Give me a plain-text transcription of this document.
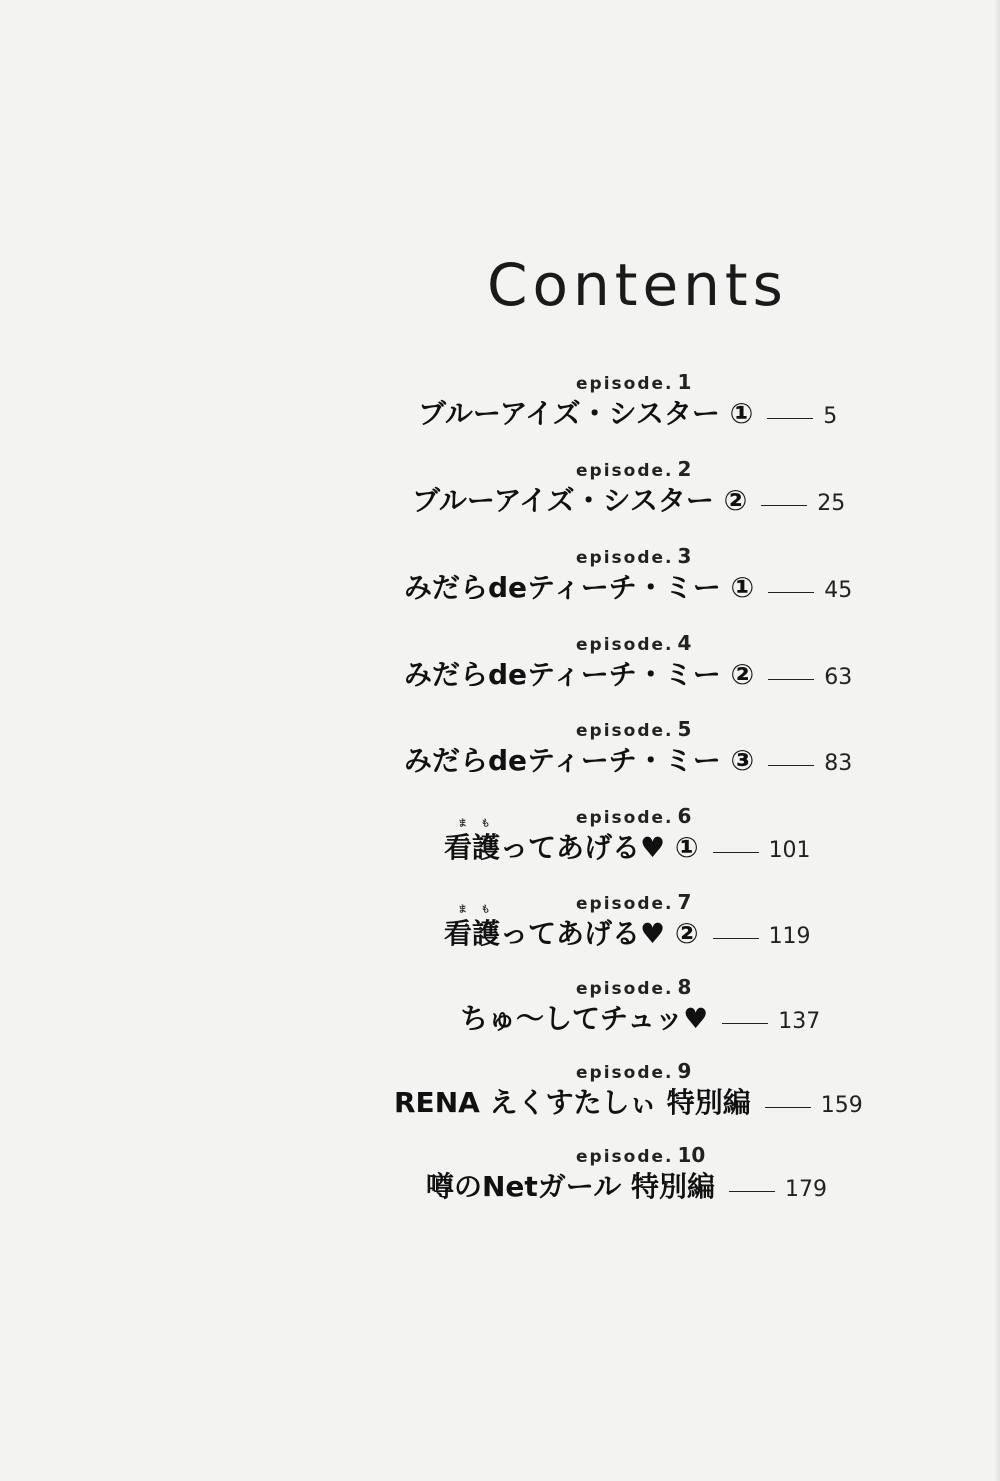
Contents
episode. 1
ブルーアイズ・シスター ①	5
episode. 2
ブルーアイズ・シスター ②	25
episode. 3
みだらdeティーチ・ミー ①	45
episode. 4
みだらdeティーチ・ミー ②	63
episode. 5
みだらdeティーチ・ミー ③	83
episode. 6
まも
看護ってあげる♥ ①	101
episode. 7
まも
看護ってあげる♥ ②	119
episode. 8
ちゅ〜してチュッ♥	137
episode. 9
RENA えくすたしぃ 特別編	159
episode. 10
噂のNetガール 特別編	179
